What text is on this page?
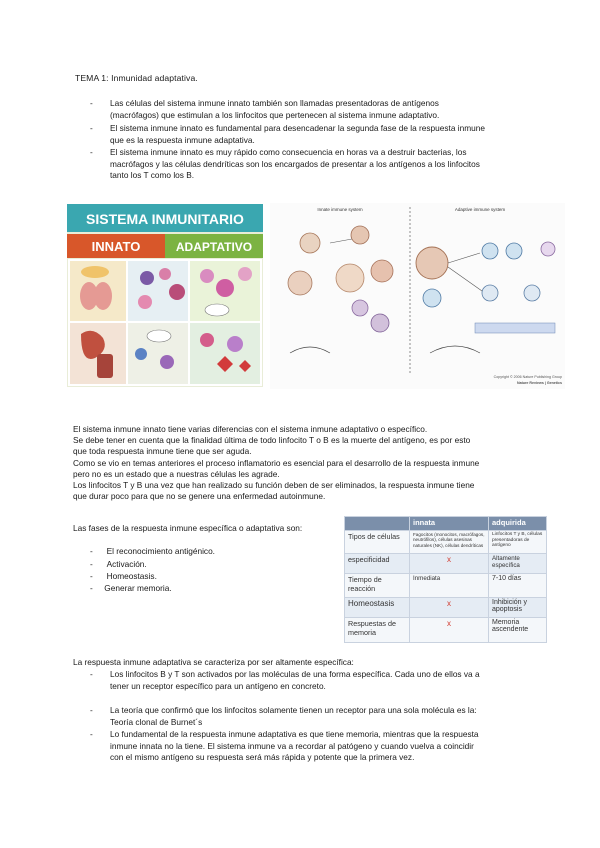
TEMA 1: Inmunidad adaptativa.
- Las células del sistema inmune innato también son llamadas presentadoras de antígenos
(macrófagos) que estimulan a los linfocitos que pertenecen al sistema inmune adaptativo.
- El sistema inmune innato es fundamental para desencadenar la segunda fase de la respuesta inmune
que es la respuesta inmune adaptativa.
- El sistema inmune innato es muy rápido como consecuencia en horas va a destruir bacterias, los
macrófagos y las células dendríticas son los encargados de presentar a los antígenos a los linfocitos
tanto los T como los B.
SISTEMA INMUNITARIO
INNATO	ADAPTATIVO
Innate immune system	Adaptive immune system
Copyright © 2006 Nature Publishing Group
Nature Reviews | Genetics
El sistema inmune innato tiene varias diferencias con el sistema inmune adaptativo o específico.
Se debe tener en cuenta que la finalidad última de todo linfocito T o B es la muerte del antígeno, es por esto
que toda respuesta inmune tiene que ser aguda.
Como se vio en temas anteriores el proceso inflamatorio es esencial para el desarrollo de la respuesta inmune
pero no es un estado que a nuestras células les agrade.
Los linfocitos T y B una vez que han realizado su función deben de ser eliminados, la respuesta inmune tiene
que durar poco para que no se genere una enfermedad autoinmune.
Las fases de la respuesta inmune específica o adaptativa son:
-      El reconocimiento antigénico.
-      Activación.
-      Homeostasis.
-     Generar memoria.
	innata	adquirida
Tipos de células	Fagocitos (monocitos, macrófagos, neutrófilos), células asesinas naturales (NK), células dendríticas	Linfocitos T y B, células presentadoras de antígeno
especificidad	x	Altamente específica
Tiempo de reacción	Inmediata	7-10 días
Homeostasis	x	Inhibición y apoptosis
Respuestas de memoria	x	Memoria ascendente
La respuesta inmune adaptativa se caracteriza por ser altamente específica:
- Los linfocitos B y T son activados por las moléculas de una forma específica. Cada uno de ellos va a
tener un receptor específico para un antígeno en concreto.
- La teoría que confirmó que los linfocitos solamente tienen un receptor para una sola molécula es la:
Teoría clonal de Burnet´s
- Lo fundamental de la respuesta inmune adaptativa es que tiene memoria, mientras que la respuesta
inmune innata no la tiene. El sistema inmune va a recordar al patógeno y cuando vuelva a coincidir
con el mismo antígeno su respuesta será más rápida y potente que la primera vez.
